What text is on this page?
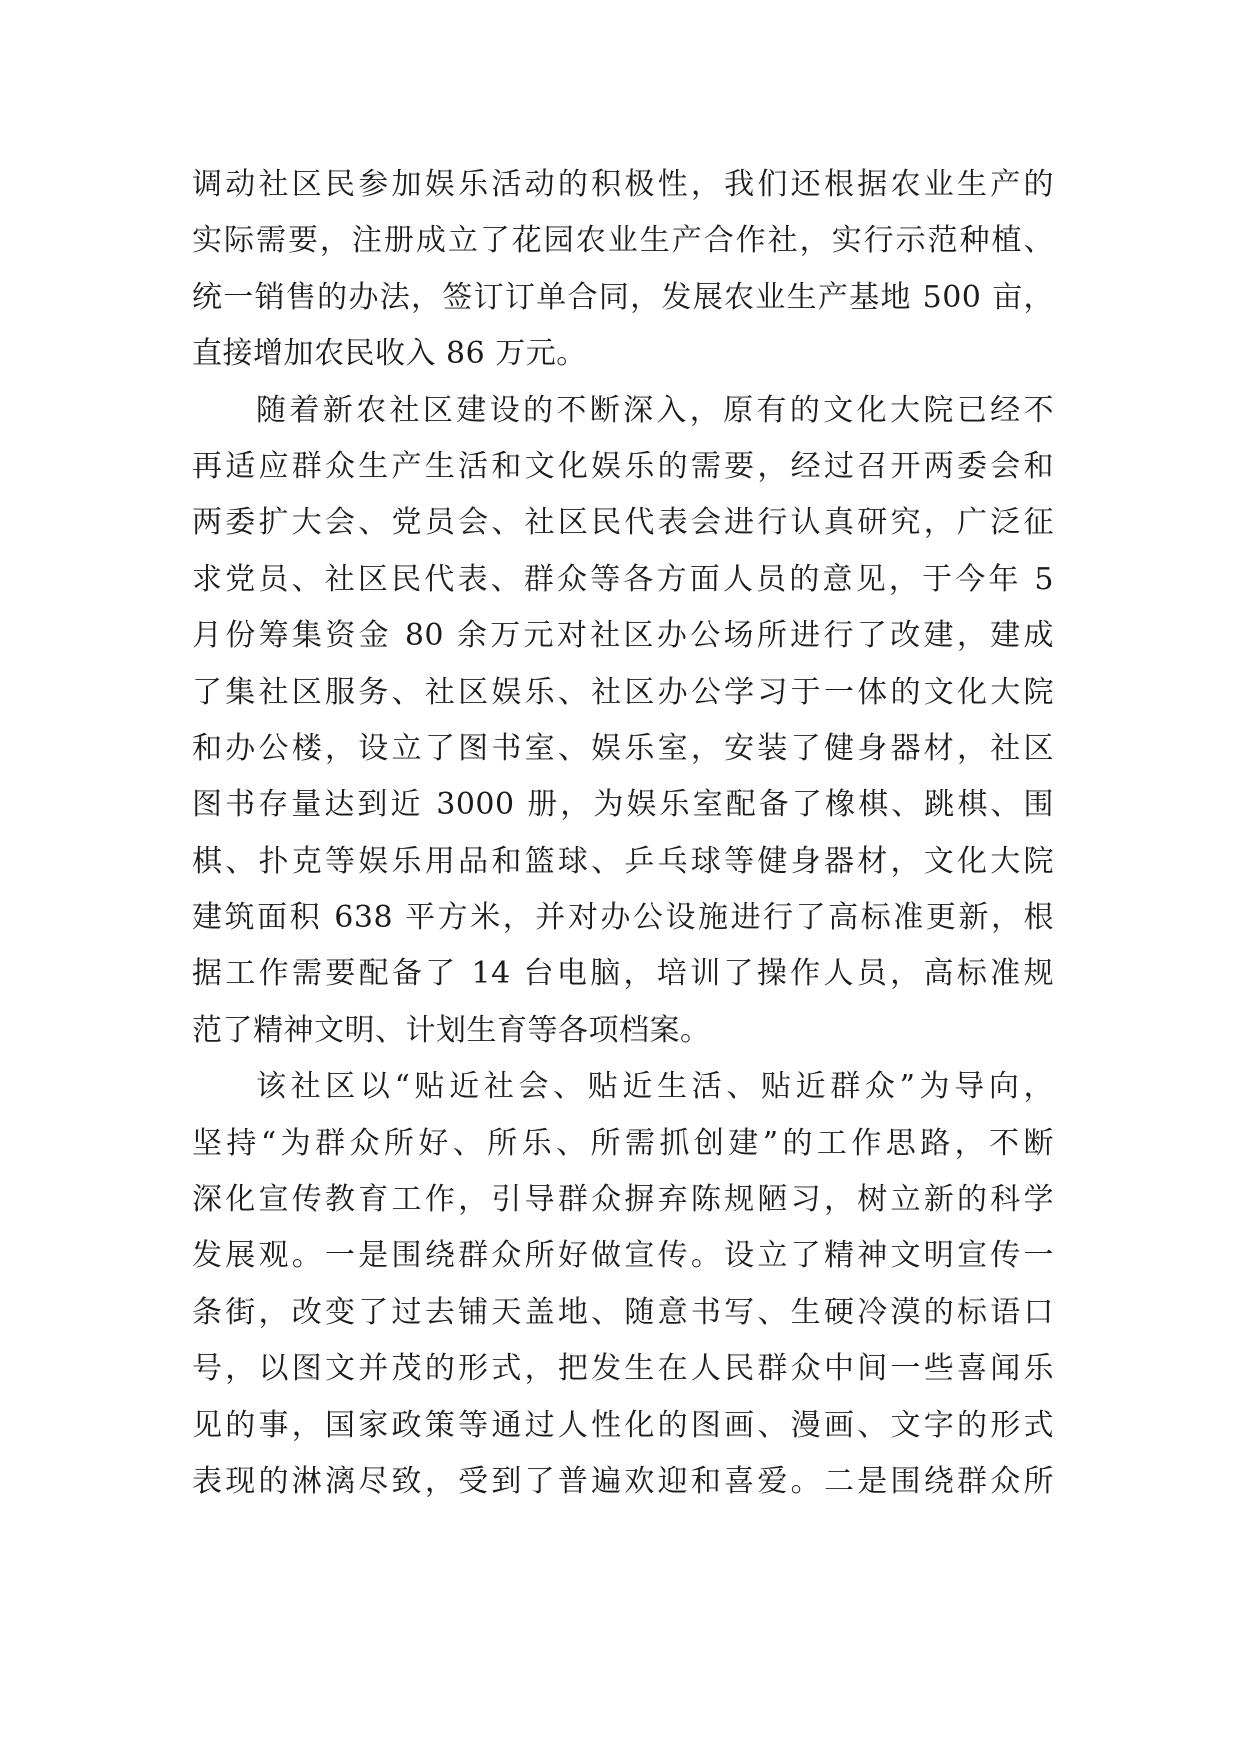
调动社区民参加娱乐活动的积极性，我们还根据农业生产的
实际需要，注册成立了花园农业生产合作社，实行示范种植、
统一销售的办法，签订订单合同，发展农业生产基地 500 亩，
直接增加农民收入 86 万元。
随着新农社区建设的不断深入，原有的文化大院已经不
再适应群众生产生活和文化娱乐的需要，经过召开两委会和
两委扩大会、党员会、社区民代表会进行认真研究，广泛征
求党员、社区民代表、群众等各方面人员的意见，于今年 5
月份筹集资金 80 余万元对社区办公场所进行了改建，建成
了集社区服务、社区娱乐、社区办公学习于一体的文化大院
和办公楼，设立了图书室、娱乐室，安装了健身器材，社区
图书存量达到近 3000 册，为娱乐室配备了橡棋、跳棋、围
棋、扑克等娱乐用品和篮球、乒乓球等健身器材，文化大院
建筑面积 638 平方米，并对办公设施进行了高标准更新，根
据工作需要配备了 14 台电脑，培训了操作人员，高标准规
范了精神文明、计划生育等各项档案。
该社区以“贴近社会、贴近生活、贴近群众”为导向，
坚持“为群众所好、所乐、所需抓创建”的工作思路，不断
深化宣传教育工作，引导群众摒弃陈规陋习，树立新的科学
发展观。一是围绕群众所好做宣传。设立了精神文明宣传一
条街，改变了过去铺天盖地、随意书写、生硬冷漠的标语口
号，以图文并茂的形式，把发生在人民群众中间一些喜闻乐
见的事，国家政策等通过人性化的图画、漫画、文字的形式
表现的淋漓尽致，受到了普遍欢迎和喜爱。二是围绕群众所
